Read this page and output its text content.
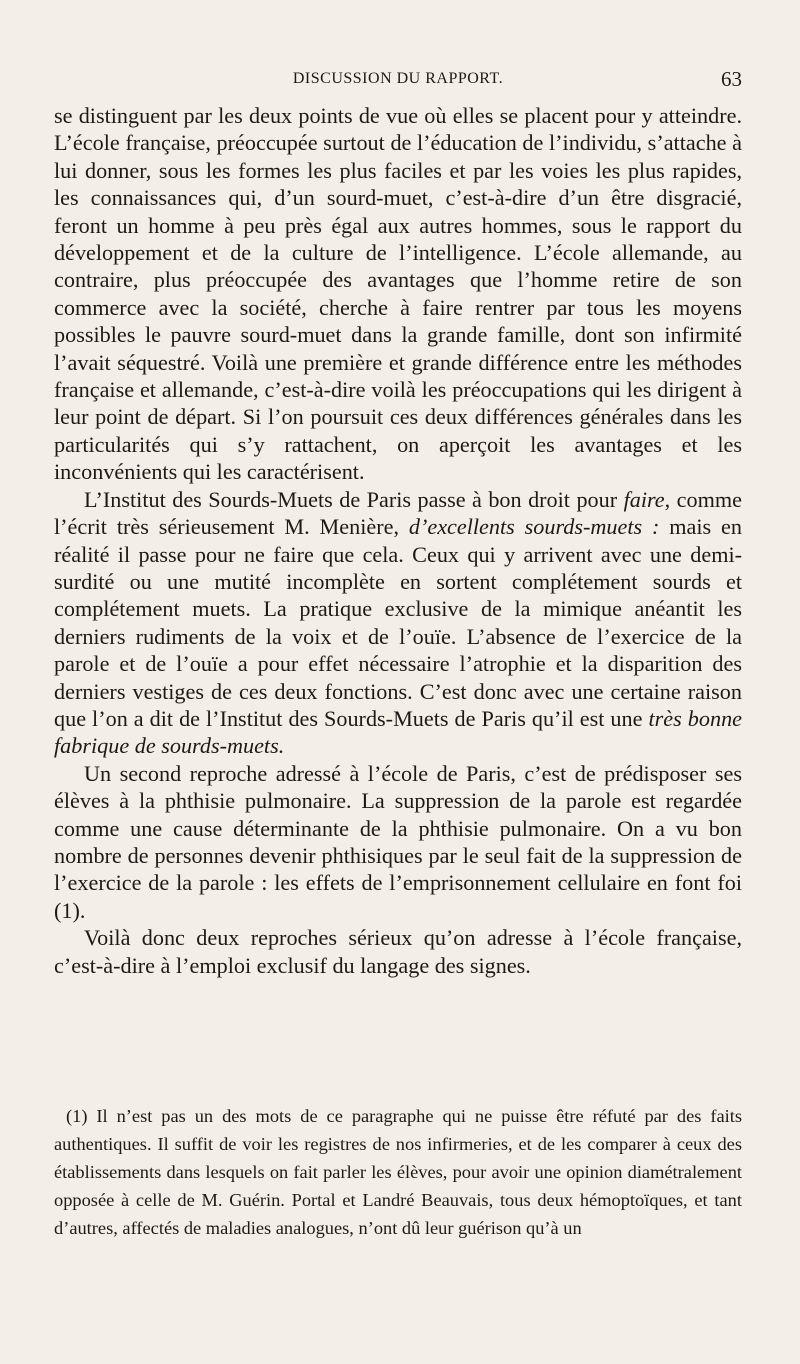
DISCUSSION DU RAPPORT.	63

se distinguent par les deux points de vue où elles se placent pour y atteindre. L’école française, préoccupée surtout de l’éducation de l’individu, s’attache à lui donner, sous les formes les plus faciles et par les voies les plus rapides, les connaissances qui, d’un sourd-muet, c’est-à-dire d’un être disgracié, feront un homme à peu près égal aux autres hommes, sous le rapport du développement et de la culture de l’intelligence. L’école allemande, au contraire, plus préoccupée des avantages que l’homme retire de son commerce avec la société, cherche à faire rentrer par tous les moyens possibles le pauvre sourd-muet dans la grande famille, dont son infirmité l’avait séquestré. Voilà une première et grande différence entre les méthodes française et allemande, c’est-à-dire voilà les préoccupations qui les dirigent à leur point de départ. Si l’on poursuit ces deux différences générales dans les particularités qui s’y rattachent, on aperçoit les avantages et les inconvénients qui les caractérisent.

L’Institut des Sourds-Muets de Paris passe à bon droit pour faire, comme l’écrit très sérieusement M. Menière, d’excellents sourds-muets : mais en réalité il passe pour ne faire que cela. Ceux qui y arrivent avec une demi-surdité ou une mutité incomplète en sortent complétement sourds et complétement muets. La pratique exclusive de la mimique anéantit les derniers rudiments de la voix et de l’ouïe. L’absence de l’exercice de la parole et de l’ouïe a pour effet nécessaire l’atrophie et la disparition des derniers vestiges de ces deux fonctions. C’est donc avec une certaine raison que l’on a dit de l’Institut des Sourds-Muets de Paris qu’il est une très bonne fabrique de sourds-muets.

Un second reproche adressé à l’école de Paris, c’est de prédisposer ses élèves à la phthisie pulmonaire. La suppression de la parole est regardée comme une cause déterminante de la phthisie pulmonaire. On a vu bon nombre de personnes devenir phthisiques par le seul fait de la suppression de l’exercice de la parole : les effets de l’emprisonnement cellulaire en font foi (1).

Voilà donc deux reproches sérieux qu’on adresse à l’école française, c’est-à-dire à l’emploi exclusif du langage des signes.

(1) Il n’est pas un des mots de ce paragraphe qui ne puisse être réfuté par des faits authentiques. Il suffit de voir les registres de nos infirmeries, et de les comparer à ceux des établissements dans lesquels on fait parler les élèves, pour avoir une opinion diamétralement opposée à celle de M. Guérin. Portal et Landré Beauvais, tous deux hémoptoïques, et tant d’autres, affectés de maladies analogues, n’ont dû leur guérison qu’à un
